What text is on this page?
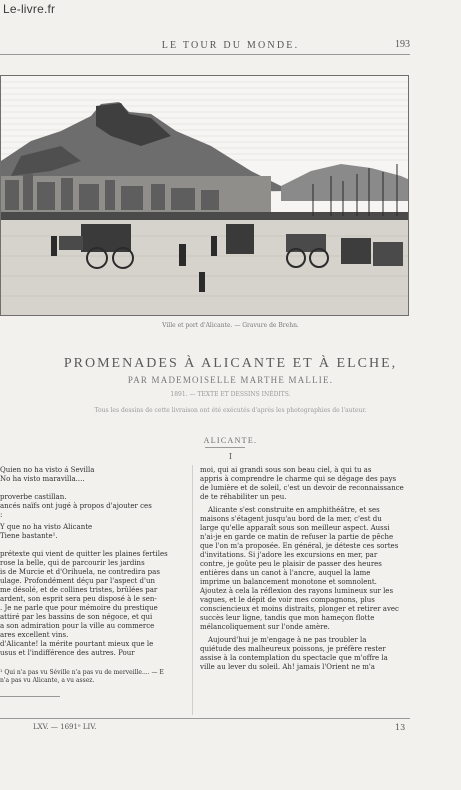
Le-livre.fr
LE TOUR DU MONDE.	193
Ville et port d'Alicante. — Gravure de Brehn.
PROMENADES À ALICANTE ET À ELCHE,
PAR MADEMOISELLE MARTHE MALLIE.
1891. — TEXTE ET DESSINS INÉDITS.
Tous les dessins de cette livraison ont été exécutés d'après les photographies de l'auteur.
ALICANTE.
I
Quien no ha visto á Sevilla
No ha visto maravilla....
proverbe castillan.
ancés naïfs ont jugé à propos d'ajouter ces
:
Y que no ha visto Alicante
Tiene bastante¹.
prétexte qui vient de quitter les plaines fertiles
rose la belle, qui de parcourir les jardins
is de Murcie et d'Orihuela, ne contredira pas
ulage. Profondément déçu par l'aspect d'un
me désolé, et de collines tristes, brûlées par
ardent, son esprit sera peu disposé à le sen-
. Je ne parle que pour mémoire du prestique
attiré par les bassins de son négoce, et qui
a son admiration pour la ville au commerce
ares excellent vins.
d'Alicante! la mérite pourtant mieux que le
usus et l'indifférence des autres. Pour
¹ Qui n'a pas vu Séville n'a pas vu de merveille.... — E
n'a pas vu Alicante, a vu assez.
moi, qui ai grandi sous son beau ciel, à qui tu as
appris à comprendre le charme qui se dégage des pays
de lumière et de soleil, c'est un devoir de reconnaissance
de te réhabiliter un peu.
Alicante s'est construite en amphithéâtre, et ses
maisons s'étagent jusqu'au bord de la mer, c'est du
large qu'elle apparaît sous son meilleur aspect. Aussi
n'ai-je en garde ce matin de refuser la partie de pêche
que l'on m'a proposée. En général, je déteste ces sortes
d'invitations. Si j'adore les excursions en mer, par
contre, je goûte peu le plaisir de passer des heures
entières dans un canot à l'ancre, auquel la lame
imprime un balancement monotone et somnolent.
Ajoutez à cela la réflexion des rayons lumineux sur les
vagues, et le dépit de voir mes compagnons, plus
consciencieux et moins distraits, plonger et retirer avec
succès leur ligne, tandis que mon hameçon flotte
mélancoliquement sur l'onde amère.
Aujourd'hui je m'engage à ne pas troubler la
quiétude des malheureux poissons, je préfère rester
assise à la contemplation du spectacle que m'offre la
ville au lever du soleil. Ah! jamais l'Orient ne m'a
LXV. — 1691ᵉ LIV.	13
